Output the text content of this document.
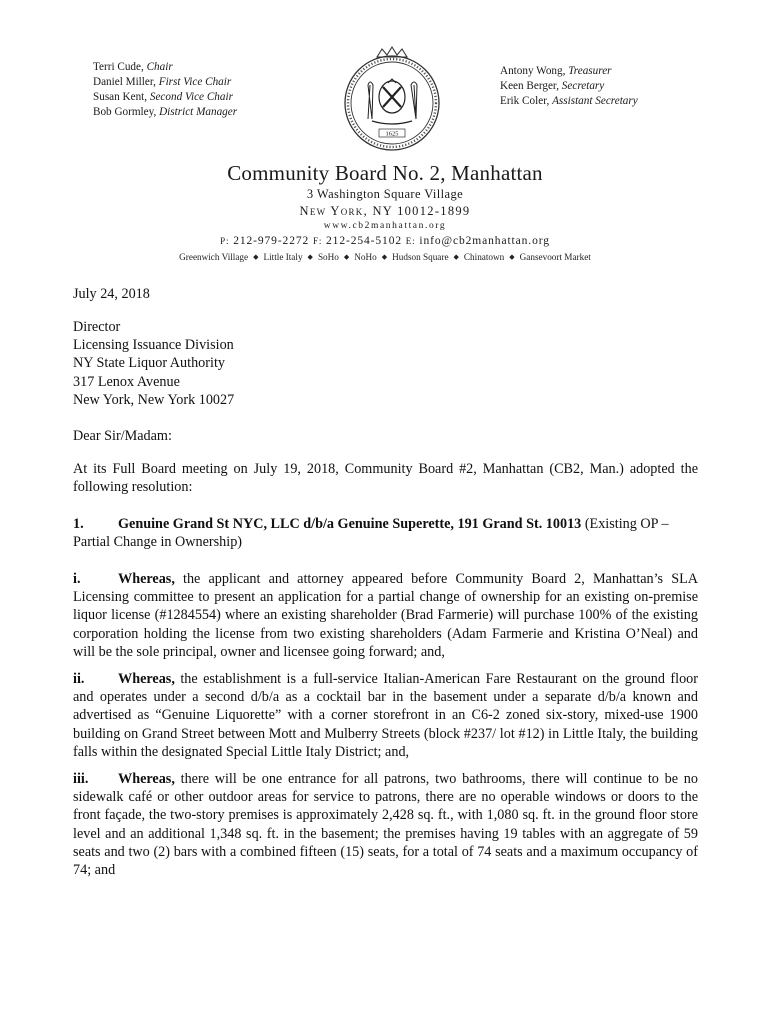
Terri Cude, Chair
Daniel Miller, First Vice Chair
Susan Kent, Second Vice Chair
Bob Gormley, District Manager
1625
Antony Wong, Treasurer
Keen Berger, Secretary
Erik Coler, Assistant Secretary
Community Board No. 2, Manhattan
3 Washington Square Village
New York, NY 10012-1899
www.cb2manhattan.org
P: 212-979-2272 F: 212-254-5102 E: info@cb2manhattan.org
Greenwich Village ◆ Little Italy ◆ SoHo ◆ NoHo ◆ Hudson Square ◆ Chinatown ◆ Gansevoort Market
July 24, 2018
Director
Licensing Issuance Division
NY State Liquor Authority
317 Lenox Avenue
New York, New York 10027
Dear Sir/Madam:
At its Full Board meeting on July 19, 2018, Community Board #2, Manhattan (CB2, Man.) adopted the following resolution:
1. Genuine Grand St NYC, LLC d/b/a Genuine Superette, 191 Grand St. 10013 (Existing OP – Partial Change in Ownership)
i.	Whereas, the applicant and attorney appeared before Community Board 2, Manhattan’s SLA Licensing committee to present an application for a partial change of ownership for an existing on-premise liquor license (#1284554) where an existing shareholder (Brad Farmerie) will purchase 100% of the existing corporation holding the license from two existing shareholders (Adam Farmerie and Kristina O’Neal) and will be the sole principal, owner and licensee going forward; and,
ii. Whereas, the establishment is a full-service Italian-American Fare Restaurant on the ground floor and operates under a second d/b/a as a cocktail bar in the basement under a separate d/b/a known and advertised as “Genuine Liquorette” with a corner storefront in an C6-2 zoned six-story, mixed-use 1900 building on Grand Street between Mott and Mulberry Streets (block #237/ lot #12) in Little Italy, the building falls within the designated Special Little Italy District; and,
iii. Whereas, there will be one entrance for all patrons, two bathrooms, there will continue to be no sidewalk café or other outdoor areas for service to patrons, there are no operable windows or doors to the front façade, the two-story premises is approximately 2,428 sq. ft., with 1,080 sq. ft. in the ground floor store level and an additional 1,348 sq. ft. in the basement; the premises having 19 tables with an aggregate of 59 seats and two (2) bars with a combined fifteen (15) seats, for a total of 74 seats and a maximum occupancy of 74; and
